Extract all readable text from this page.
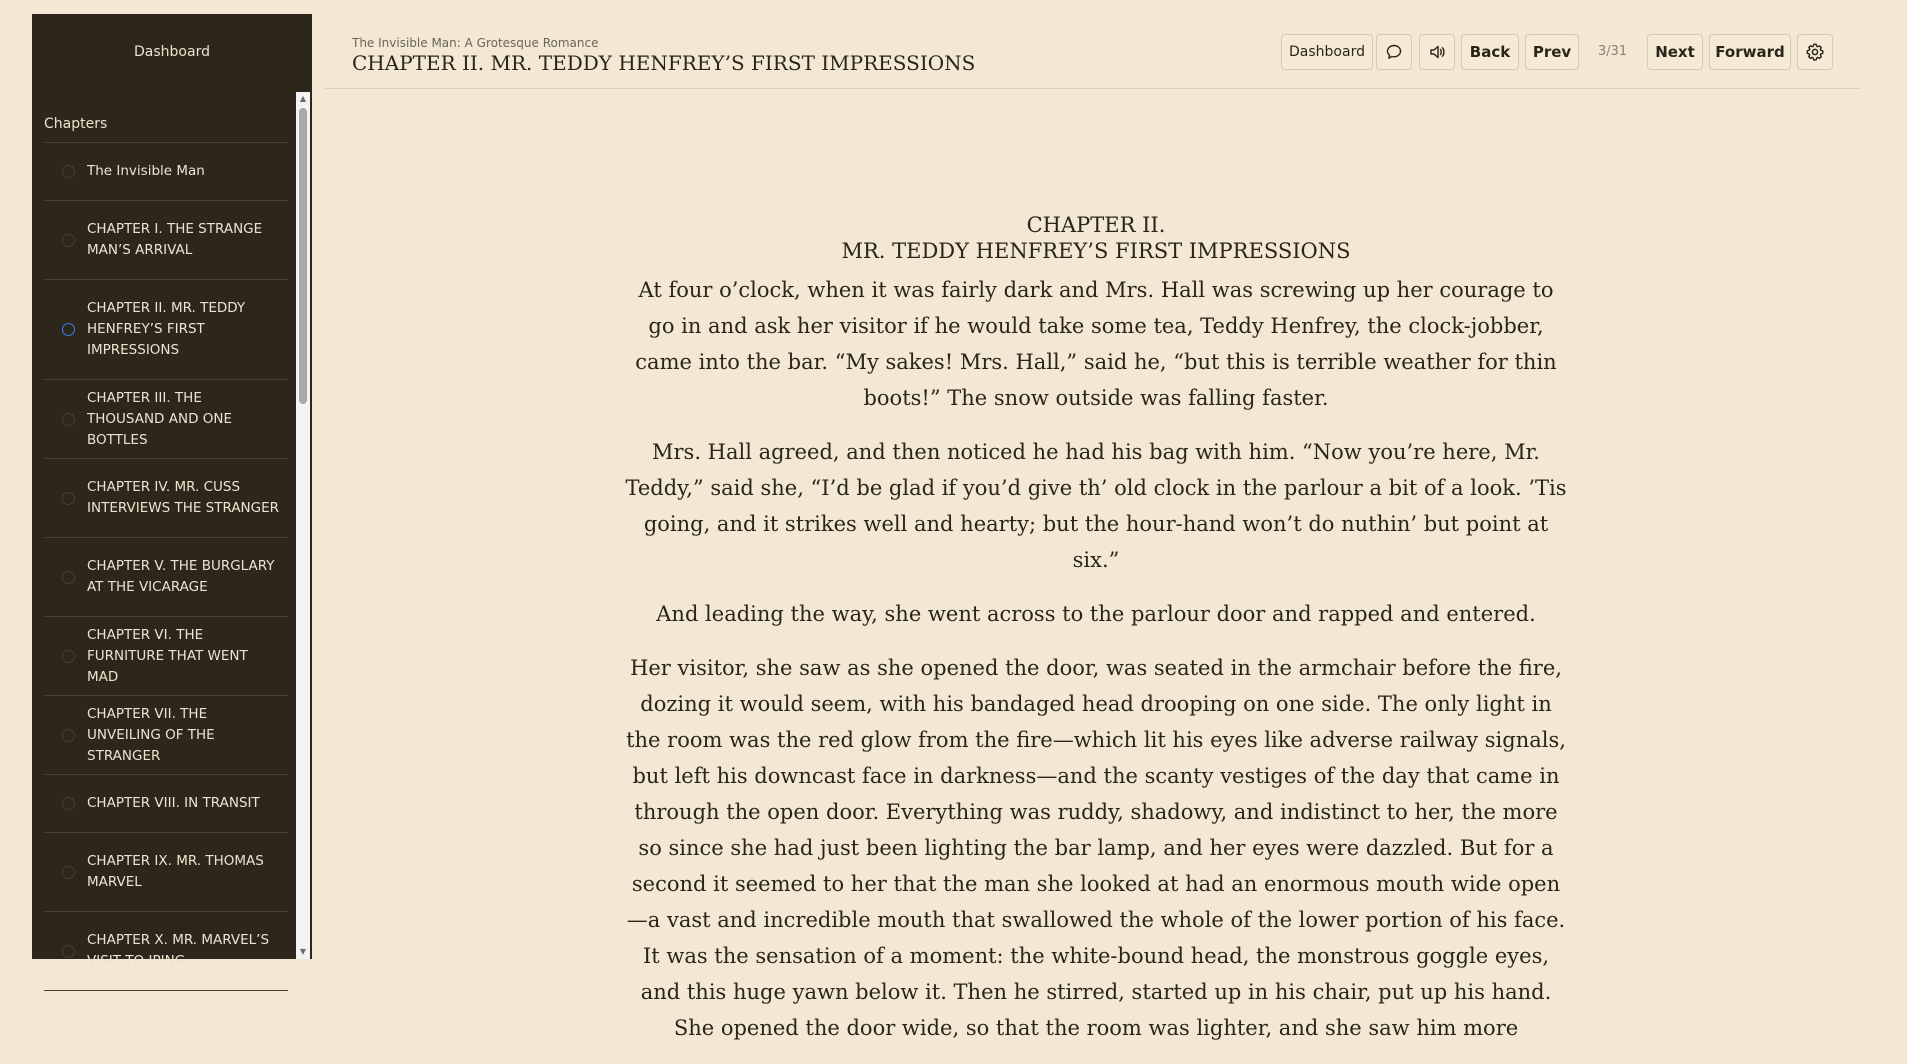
Dashboard
Chapters
The Invisible Man
CHAPTER I. THE STRANGE MAN’S ARRIVAL
CHAPTER II. MR. TEDDY HENFREY’S FIRST IMPRESSIONS
CHAPTER III. THE THOUSAND AND ONE BOTTLES
CHAPTER IV. MR. CUSS INTERVIEWS THE STRANGER
CHAPTER V. THE BURGLARY AT THE VICARAGE
CHAPTER VI. THE FURNITURE THAT WENT MAD
CHAPTER VII. THE UNVEILING OF THE STRANGER
CHAPTER VIII. IN TRANSIT
CHAPTER IX. MR. THOMAS MARVEL
CHAPTER X. MR. MARVEL’S VISIT TO IPING
▲
▼
The Invisible Man: A Grotesque Romance
CHAPTER II. MR. TEDDY HENFREY’S FIRST IMPRESSIONS	Dashboard	Back	Prev	3/31	Next	Forward
CHAPTER II.
MR. TEDDY HENFREY’S FIRST IMPRESSIONS

At four o’clock, when it was fairly dark and Mrs. Hall was screwing up her courage to go in and ask her visitor if he would take some tea, Teddy Henfrey, the clock-jobber, came into the bar. “My sakes! Mrs. Hall,” said he, “but this is terrible weather for thin boots!” The snow outside was falling faster.

Mrs. Hall agreed, and then noticed he had his bag with him. “Now you’re here, Mr. Teddy,” said she, “I’d be glad if you’d give th’ old clock in the parlour a bit of a look. ’Tis going, and it strikes well and hearty; but the hour-hand won’t do nuthin’ but point at six.”

And leading the way, she went across to the parlour door and rapped and entered.

Her visitor, she saw as she opened the door, was seated in the armchair before the fire, dozing it would seem, with his bandaged head drooping on one side. The only light in the room was the red glow from the fire—which lit his eyes like adverse railway signals, but left his downcast face in darkness—and the scanty vestiges of the day that came in through the open door. Everything was ruddy, shadowy, and indistinct to her, the more so since she had just been lighting the bar lamp, and her eyes were dazzled. But for a second it seemed to her that the man she looked at had an enormous mouth wide open—a vast and incredible mouth that swallowed the whole of the lower portion of his face. It was the sensation of a moment: the white-bound head, the monstrous goggle eyes, and this huge yawn below it. Then he stirred, started up in his chair, put up his hand. She opened the door wide, so that the room was lighter, and she saw him more
